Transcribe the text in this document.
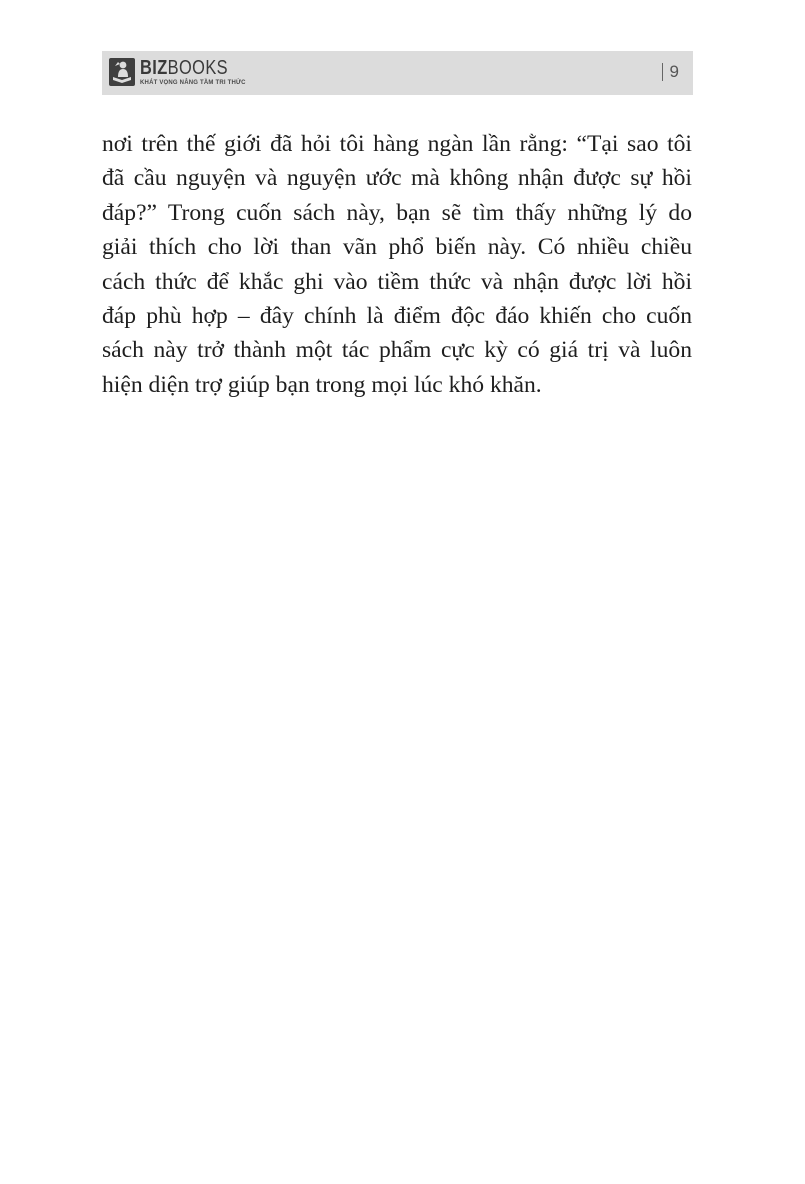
BIZBOOKS
KHÁT VỌNG NÂNG TẦM TRI THỨC
9
nơi trên thế giới đã hỏi tôi hàng ngàn lần rằng: “Tại sao tôi
đã cầu nguyện và nguyện ước mà không nhận được sự hồi
đáp?” Trong cuốn sách này, bạn sẽ tìm thấy những lý do
giải thích cho lời than vãn phổ biến này. Có nhiều chiều
cách thức để khắc ghi vào tiềm thức và nhận được lời hồi
đáp phù hợp – đây chính là điểm độc đáo khiến cho cuốn
sách này trở thành một tác phẩm cực kỳ có giá trị và luôn
hiện diện trợ giúp bạn trong mọi lúc khó khăn.
